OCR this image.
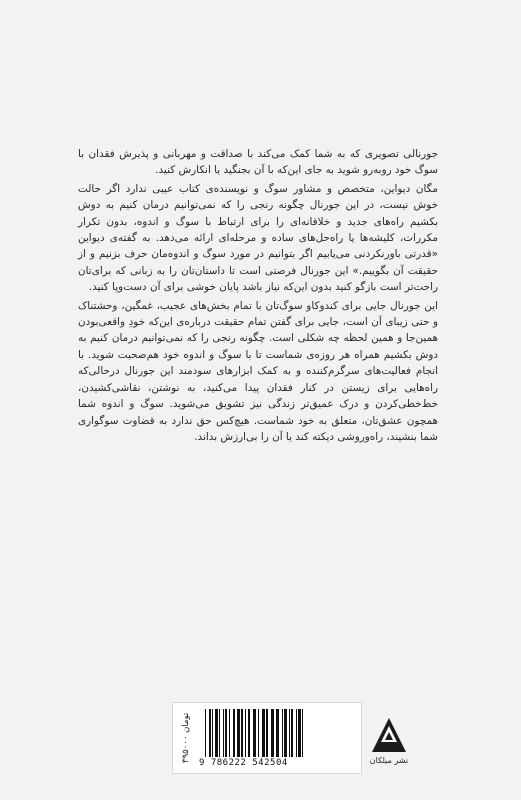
جورنالی تصویری که به شما کمک می‌کند با صداقت و مهربانی و پذیرش فقدان با سوگ خود روبه‌رو شوید به جای این‌که با آن بجنگید یا انکارش کنید.

مگان دیواین، متخصص و مشاور سوگ و نویسنده‌ی کتاب عیبی ندارد اگر حالت خوش نیست، در این جورنال چگونه رنجی را که نمی‌توانیم درمان کنیم به دوش بکشیم راه‌های جدید و خلاقانه‌ای را برای ارتباط با سوگ و اندوه، بدون تکرار مکررات، کلیشه‌ها یا راه‌حل‌های ساده و مرحله‌ای ارائه می‌دهد. به گفته‌ی دیواین «قدرتی باورنکردنی می‌یابیم اگر بتوانیم در مورد سوگ و اندوه‌مان حرف بزنیم و از حقیقت آن بگوییم.» این جورنال فرصتی است تا داستان‌تان را به زبانی که برای‌تان راحت‌تر است بازگو کنید بدون این‌که نیاز باشد پایان خوشی برای آن دست‌وپا کنید.

این جورنال جایی برای کندوکاو سوگ‌تان با تمام بخش‌های عجیب، غمگین، وحشتناک و حتی زیبای آن است، جایی برای گفتن تمام حقیقت درباره‌ی این‌که خودِ واقعی‌بودن همین‌جا و همین لحظه چه شکلی است. چگونه رنجی را که نمی‌توانیم درمان کنیم به دوش بکشیم همراه هر روزه‌ی شماست تا با سوگ و اندوه خود هم‌صحبت شوید. با انجام فعالیت‌های سرگرم‌کننده و به کمک ابزارهای سودمند این جورنال درحالی‌که راه‌هایی برای زیستن در کنار فقدان پیدا می‌کنید، به نوشتن، نقاشی‌کشیدن، خط‌خطی‌کردن و درک عمیق‌تر زندگی نیز تشویق می‌شوید. سوگ و اندوه شما همچون عشق‌تان، متعلق به خود شماست. هیچ‌کس حق ندارد به قضاوت سوگواری شما بنشیند، راه‌وروشی دیکته کند یا آن را بی‌ارزش بداند.

۳۹۵۰۰۰ تومان
9 786222 542504	نشر میلکان
